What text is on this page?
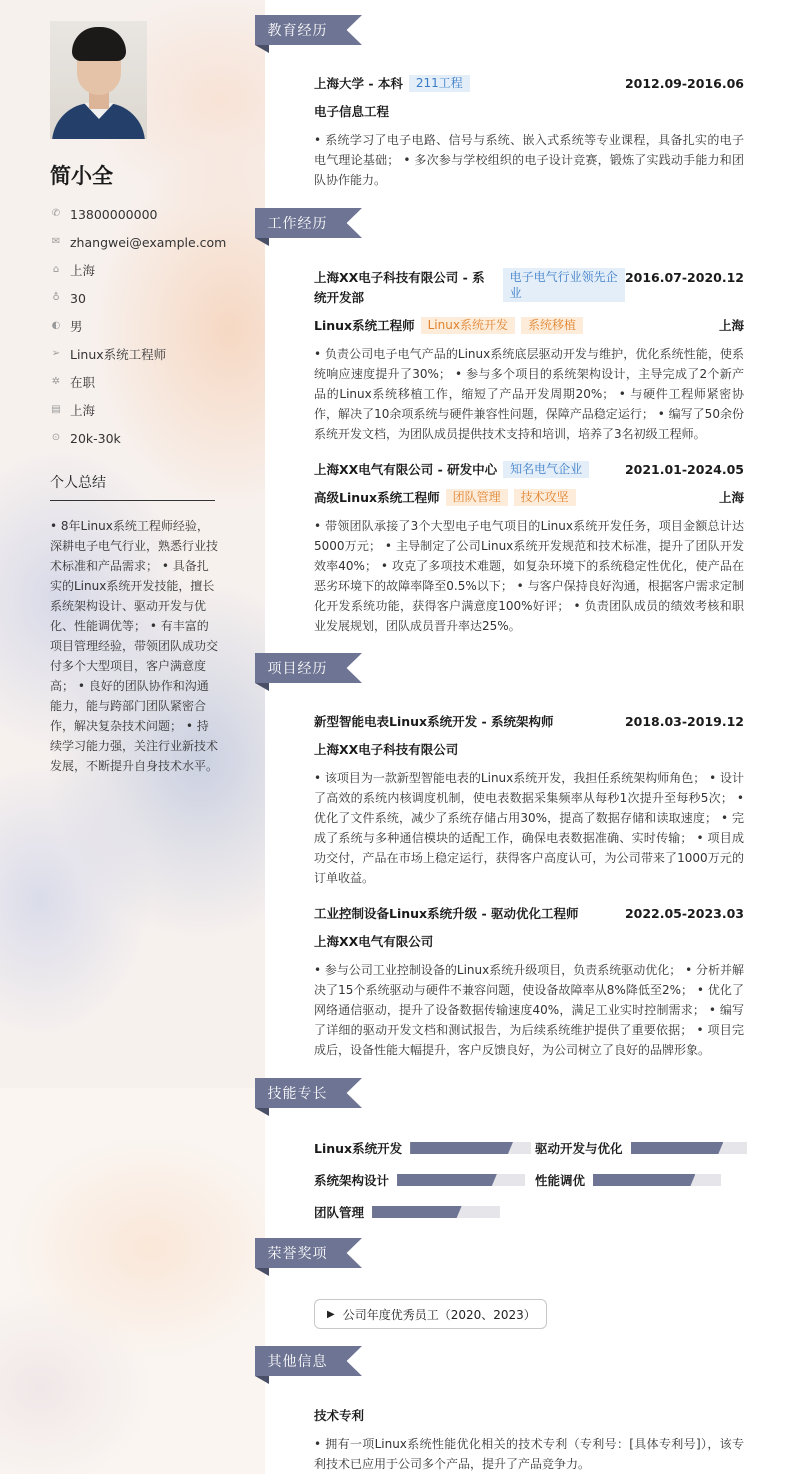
简小全
✆ 13800000000
✉ zhangwei@example.com
⌂ 上海
♁ 30
◐ 男
➢ Linux系统工程师
✲ 在职
▤ 上海
⊙ 20k-30k
个人总结
• 8年Linux系统工程师经验，深耕电子电气行业，熟悉行业技术标准和产品需求； • 具备扎实的Linux系统开发技能，擅长系统架构设计、驱动开发与优化、性能调优等； • 有丰富的项目管理经验，带领团队成功交付多个大型项目，客户满意度高； • 良好的团队协作和沟通能力，能与跨部门团队紧密合作，解决复杂技术问题； • 持续学习能力强，关注行业新技术发展，不断提升自身技术水平。
教育经历
上海大学 - 本科 211工程	2012.09-2016.06
电子信息工程
• 系统学习了电子电路、信号与系统、嵌入式系统等专业课程，具备扎实的电子电气理论基础； • 多次参与学校组织的电子设计竞赛，锻炼了实践动手能力和团队协作能力。
工作经历
上海XX电子科技有限公司 - 系统开发部
电子电气行业领先企业
2016.07-2020.12
Linux系统工程师 Linux系统开发 系统移植	上海
• 负责公司电子电气产品的Linux系统底层驱动开发与维护，优化系统性能，使系统响应速度提升了30%； • 参与多个项目的系统架构设计，主导完成了2个新产品的Linux系统移植工作，缩短了产品开发周期20%； • 与硬件工程师紧密协作，解决了10余项系统与硬件兼容性问题，保障产品稳定运行； • 编写了50余份系统开发文档，为团队成员提供技术支持和培训，培养了3名初级工程师。
上海XX电气有限公司 - 研发中心 知名电气企业	2021.01-2024.05
高级Linux系统工程师 团队管理 技术攻坚	上海
• 带领团队承接了3个大型电子电气项目的Linux系统开发任务，项目金额总计达5000万元； • 主导制定了公司Linux系统开发规范和技术标准，提升了团队开发效率40%； • 攻克了多项技术难题，如复杂环境下的系统稳定性优化，使产品在恶劣环境下的故障率降至0.5%以下； • 与客户保持良好沟通，根据客户需求定制化开发系统功能，获得客户满意度100%好评； • 负责团队成员的绩效考核和职业发展规划，团队成员晋升率达25%。
项目经历
新型智能电表Linux系统开发 - 系统架构师	2018.03-2019.12
上海XX电子科技有限公司
• 该项目为一款新型智能电表的Linux系统开发，我担任系统架构师角色； • 设计了高效的系统内核调度机制，使电表数据采集频率从每秒1次提升至每秒5次； • 优化了文件系统，减少了系统存储占用30%，提高了数据存储和读取速度； • 完成了系统与多种通信模块的适配工作，确保电表数据准确、实时传输； • 项目成功交付，产品在市场上稳定运行，获得客户高度认可，为公司带来了1000万元的订单收益。
工业控制设备Linux系统升级 - 驱动优化工程师	2022.05-2023.03
上海XX电气有限公司
• 参与公司工业控制设备的Linux系统升级项目，负责系统驱动优化； • 分析并解决了15个系统驱动与硬件不兼容问题，使设备故障率从8%降低至2%； • 优化了网络通信驱动，提升了设备数据传输速度40%，满足工业实时控制需求； • 编写了详细的驱动开发文档和测试报告，为后续系统维护提供了重要依据； • 项目完成后，设备性能大幅提升，客户反馈良好，为公司树立了良好的品牌形象。
技能专长
Linux系统开发	驱动开发与优化
系统架构设计	性能调优
团队管理
荣誉奖项
▶ 公司年度优秀员工（2020、2023）
其他信息
技术专利
• 拥有一项Linux系统性能优化相关的技术专利（专利号：[具体专利号]），该专利技术已应用于公司多个产品，提升了产品竞争力。
